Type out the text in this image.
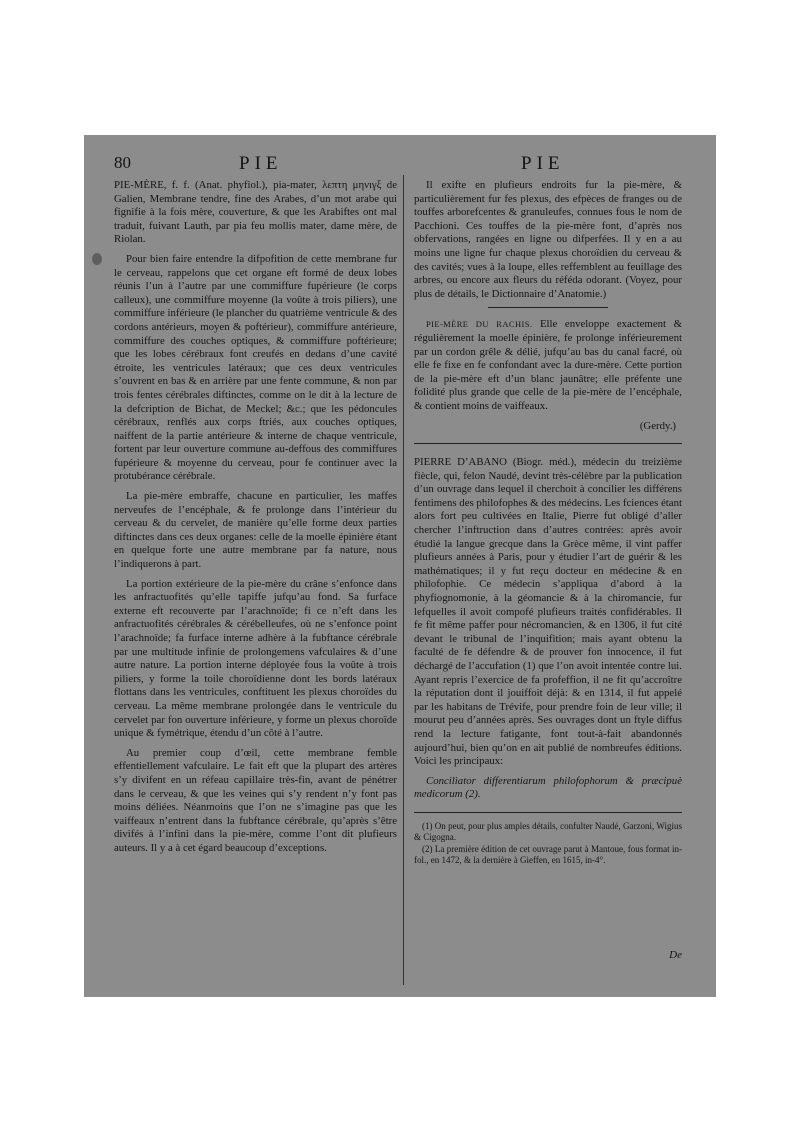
80	PIE	PIE

PIE-MÈRE, f. f. (Anat. phyfiol.), pia-mater, λεπτη μηνιγξ de Galien, Membrane tendre, fine des Arabes, d’un mot arabe qui fignifie à la fois mère, couverture, & que les Arabiftes ont mal traduit, fuivant Lauth, par pia feu mollis mater, dame mère, de Riolan.

Pour bien faire entendre la difpofition de cette membrane fur le cerveau, rappelons que cet organe eft formé de deux lobes réunis l’un à l’autre par une commiffure fupérieure (le corps calleux), une commiffure moyenne (la voûte à trois piliers), une commiffure inférieure (le plancher du quatrième ventricule & des cordons antérieurs, moyen & poftérieur), commiffure antérieure, commiffure des couches optiques, & commiffure poftérieure; que les lobes cérébraux font creufés en dedans d’une cavité étroite, les ventricules latéraux; que ces deux ventricules s’ouvrent en bas & en arrière par une fente commune, & non par trois fentes cérébrales diftinctes, comme on le dit à la lecture de la defcription de Bichat, de Meckel; &c.; que les pédoncules cérébraux, renflés aux corps ftriés, aux couches optiques, naiffent de la partie antérieure & interne de chaque ventricule, fortent par leur ouverture commune au-deffous des commiffures fupérieure & moyenne du cerveau, pour fe continuer avec la protubérance cérébrale.

La pie-mère embraffe, chacune en particulier, les maffes nerveufes de l’encéphale, & fe prolonge dans l’intérieur du cerveau & du cervelet, de manière qu’elle forme deux parties diftinctes dans ces deux organes: celle de la moelle épinière étant en quelque forte une autre membrane par fa nature, nous l’indiquerons à part.

La portion extérieure de la pie-mère du crâne s’enfonce dans les anfractuofités qu’elle tapiffe jufqu’au fond. Sa furface externe eft recouverte par l’arachnoïde; fi ce n’eft dans les anfractuofités cérébrales & cérébelleufes, où ne s’enfonce point l’arachnoïde; fa furface interne adhère à la fubftance cérébrale par une multitude infinie de prolongemens vafculaires & d’une autre nature. La portion interne déployée fous la voûte à trois piliers, y forme la toile choroïdienne dont les bords latéraux flottans dans les ventricules, conftituent les plexus choroïdes du cerveau. La même membrane prolongée dans le ventricule du cervelet par fon ouverture inférieure, y forme un plexus choroïde unique & fymétrique, étendu d’un côté à l’autre.

Au premier coup d’œil, cette membrane femble effentiellement vafculaire. Le fait eft que la plupart des artères s’y divifent en un réfeau capillaire très-fin, avant de pénétrer dans le cerveau, & que les veines qui s’y rendent n’y font pas moins déliées. Néanmoins que l’on ne s’imagine pas que les vaiffeaux n’entrent dans la fubftance cérébrale, qu’après s’être divifés à l’infini dans la pie-mère, comme l’ont dit plufieurs auteurs. Il y a à cet égard beaucoup d’exceptions.

Il exifte en plufieurs endroits fur la pie-mère, & particulièrement fur fes plexus, des efpèces de franges ou de touffes arborefcentes & granuleufes, connues fous le nom de Pacchioni. Ces touffes de la pie-mère font, d’après nos obfervations, rangées en ligne ou difperfées. Il y en a au moins une ligne fur chaque plexus choroïdien du cerveau & des cavités; vues à la loupe, elles reffemblent au feuillage des arbres, ou encore aux fleurs du réféda odorant. (Voyez, pour plus de détails, le Dictionnaire d’Anatomie.)

PIE-MÈRE DU RACHIS. Elle enveloppe exactement & régulièrement la moelle épinière, fe prolonge inférieurement par un cordon grêle & délié, jufqu’au bas du canal facré, où elle fe fixe en fe confondant avec la dure-mère. Cette portion de la pie-mère eft d’un blanc jaunâtre; elle préfente une folidité plus grande que celle de la pie-mère de l’encéphale, & contient moins de vaiffeaux.

(Gerdy.)

PIERRE D’ABANO (Biogr. méd.), médecin du treizième fiècle, qui, felon Naudé, devint très-célèbre par la publication d’un ouvrage dans lequel il cherchoit à concilier les différens fentimens des philofophes & des médecins. Les fciences étant alors fort peu cultivées en Italie, Pierre fut obligé d’aller chercher l’inftruction dans d’autres contrées: après avoir étudié la langue grecque dans la Grèce même, il vint paffer plufieurs années à Paris, pour y étudier l’art de guérir & les mathématiques; il y fut reçu docteur en médecine & en philofophie. Ce médecin s’appliqua d’abord à la phyfiognomonie, à la géomancie & à la chiromancie, fur lefquelles il avoit compofé plufieurs traités confidérables. Il fe fit même paffer pour nécromancien, & en 1306, il fut cité devant le tribunal de l’inquifition; mais ayant obtenu la faculté de fe défendre & de prouver fon innocence, il fut déchargé de l’accufation (1) que l’on avoit intentée contre lui. Ayant repris l’exercice de fa profeffion, il ne fit qu’accroître la réputation dont il jouiffoit déjà: & en 1314, il fut appelé par les habitans de Trévife, pour prendre foin de leur ville; il mourut peu d’années après. Ses ouvrages dont un ftyle diffus rend la lecture fatigante, font tout-à-fait abandonnés aujourd’hui, bien qu’on en ait publié de nombreufes éditions. Voici les principaux:

Conciliator differentiarum philofophorum & præcipuè medicorum (2).

(1) On peut, pour plus amples détails, confulter Naudé, Garzoni, Wigius & Cigogna.

(2) La première édition de cet ouvrage parut à Mantoue, fous format in-fol., en 1472, & la dernière à Gieffen, en 1615, in-4°.

De
